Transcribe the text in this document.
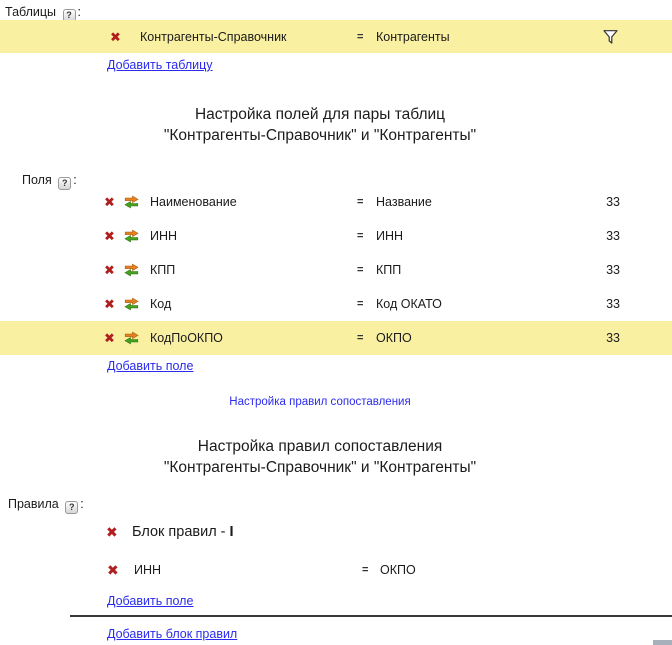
Таблицы ? :
✖ Контрагенты-Справочник	= Контрагенты
Добавить таблицу
Настройка полей для пары таблиц
"Контрагенты-Справочник" и "Контрагенты"
Поля ? :
✖	Наименование	= Название	33
✖	ИНН	= ИНН	33
✖	КПП	= КПП	33
✖	Код	= Код ОКАТО	33
✖	КодПоОКПО	= ОКПО	33
Добавить поле
Настройка правил сопоставления
Настройка правил сопоставления
"Контрагенты-Справочник" и "Контрагенты"
Правила ? :
✖ Блок правил - I
✖ ИНН	= ОКПО
Добавить поле
Добавить блок правил
